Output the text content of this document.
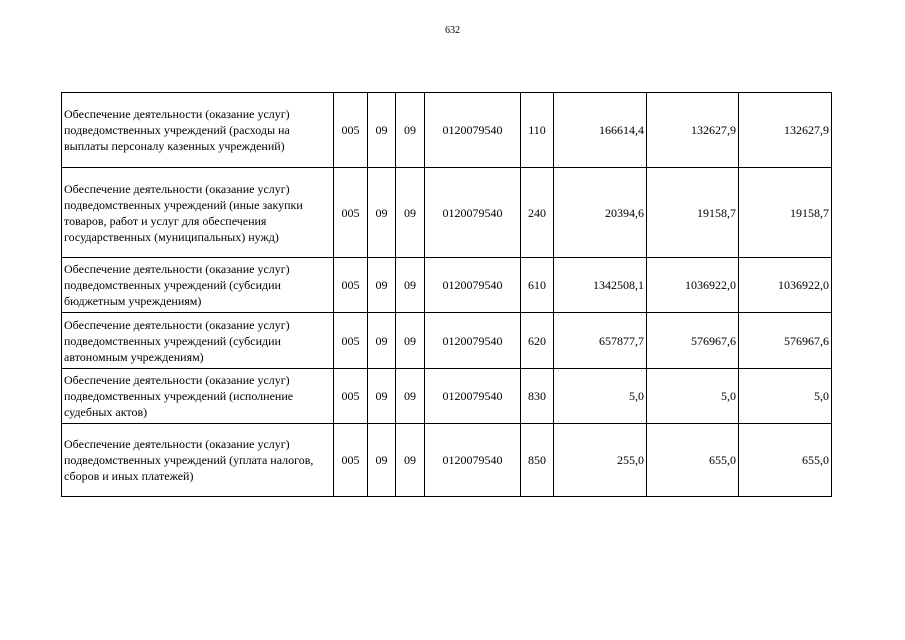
632
Обеспечение деятельности (оказание услуг) подведомственных учреждений (расходы на выплаты персоналу казенных учреждений)	005	09	09	0120079540	110	166614,4	132627,9	132627,9
Обеспечение деятельности (оказание услуг) подведомственных учреждений (иные закупки товаров, работ и услуг для обеспечения государственных (муниципальных) нужд)	005	09	09	0120079540	240	20394,6	19158,7	19158,7
Обеспечение деятельности (оказание услуг) подведомственных учреждений (субсидии бюджетным учреждениям)	005	09	09	0120079540	610	1342508,1	1036922,0	1036922,0
Обеспечение деятельности (оказание услуг) подведомственных учреждений (субсидии автономным учреждениям)	005	09	09	0120079540	620	657877,7	576967,6	576967,6
Обеспечение деятельности (оказание услуг) подведомственных учреждений (исполнение судебных актов)	005	09	09	0120079540	830	5,0	5,0	5,0
Обеспечение деятельности (оказание услуг) подведомственных учреждений (уплата налогов, сборов и иных платежей)	005	09	09	0120079540	850	255,0	655,0	655,0
